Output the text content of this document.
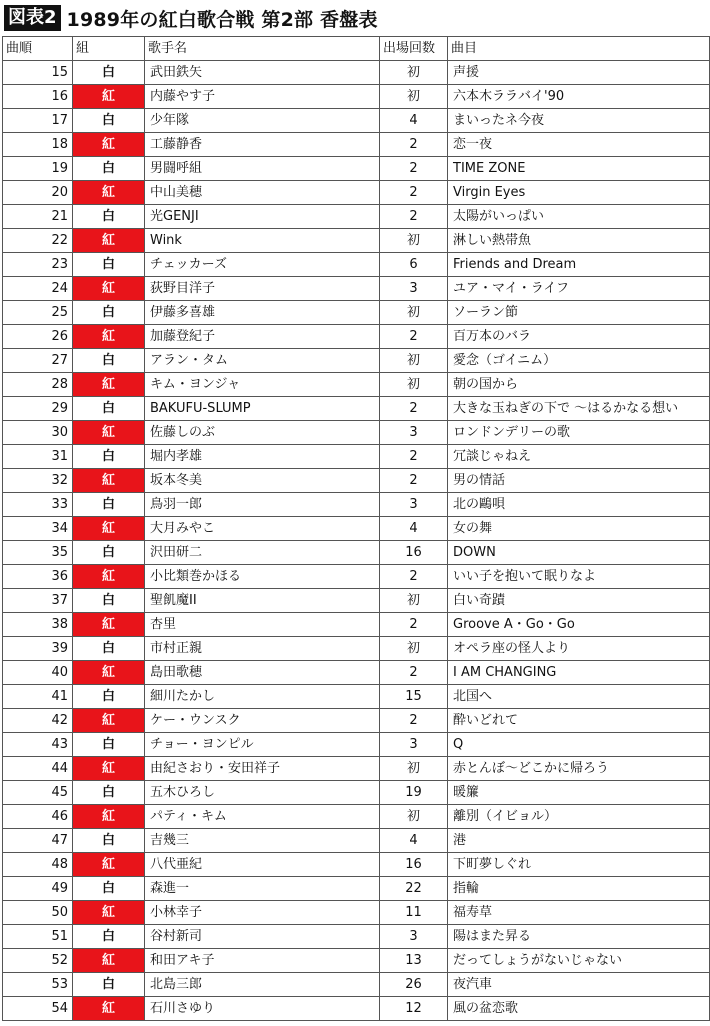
図表2 1989年の紅白歌合戦 第2部 香盤表
曲順	組	歌手名	出場回数	曲目
15	白	武田鉄矢	初	声援
16	紅	内藤やす子	初	六本木ララバイ'90
17	白	少年隊	4	まいったネ今夜
18	紅	工藤静香	2	恋一夜
19	白	男闘呼組	2	TIME ZONE
20	紅	中山美穂	2	Virgin Eyes
21	白	光GENJI	2	太陽がいっぱい
22	紅	Wink	初	淋しい熱帯魚
23	白	チェッカーズ	6	Friends and Dream
24	紅	荻野目洋子	3	ユア・マイ・ライフ
25	白	伊藤多喜雄	初	ソーラン節
26	紅	加藤登紀子	2	百万本のバラ
27	白	アラン・タム	初	愛念（ゴイニム）
28	紅	キム・ヨンジャ	初	朝の国から
29	白	BAKUFU-SLUMP	2	大きな玉ねぎの下で 〜はるかなる想い
30	紅	佐藤しのぶ	3	ロンドンデリーの歌
31	白	堀内孝雄	2	冗談じゃねえ
32	紅	坂本冬美	2	男の情話
33	白	鳥羽一郎	3	北の鷗唄
34	紅	大月みやこ	4	女の舞
35	白	沢田研二	16	DOWN
36	紅	小比類巻かほる	2	いい子を抱いて眠りなよ
37	白	聖飢魔II	初	白い奇蹟
38	紅	杏里	2	Groove A・Go・Go
39	白	市村正親	初	オペラ座の怪人より
40	紅	島田歌穂	2	I AM CHANGING
41	白	細川たかし	15	北国へ
42	紅	ケー・ウンスク	2	酔いどれて
43	白	チョー・ヨンピル	3	Q
44	紅	由紀さおり・安田祥子	初	赤とんぼ〜どこかに帰ろう
45	白	五木ひろし	19	暖簾
46	紅	パティ・キム	初	離別（イビョル）
47	白	吉幾三	4	港
48	紅	八代亜紀	16	下町夢しぐれ
49	白	森進一	22	指輪
50	紅	小林幸子	11	福寿草
51	白	谷村新司	3	陽はまた昇る
52	紅	和田アキ子	13	だってしょうがないじゃない
53	白	北島三郎	26	夜汽車
54	紅	石川さゆり	12	風の盆恋歌
